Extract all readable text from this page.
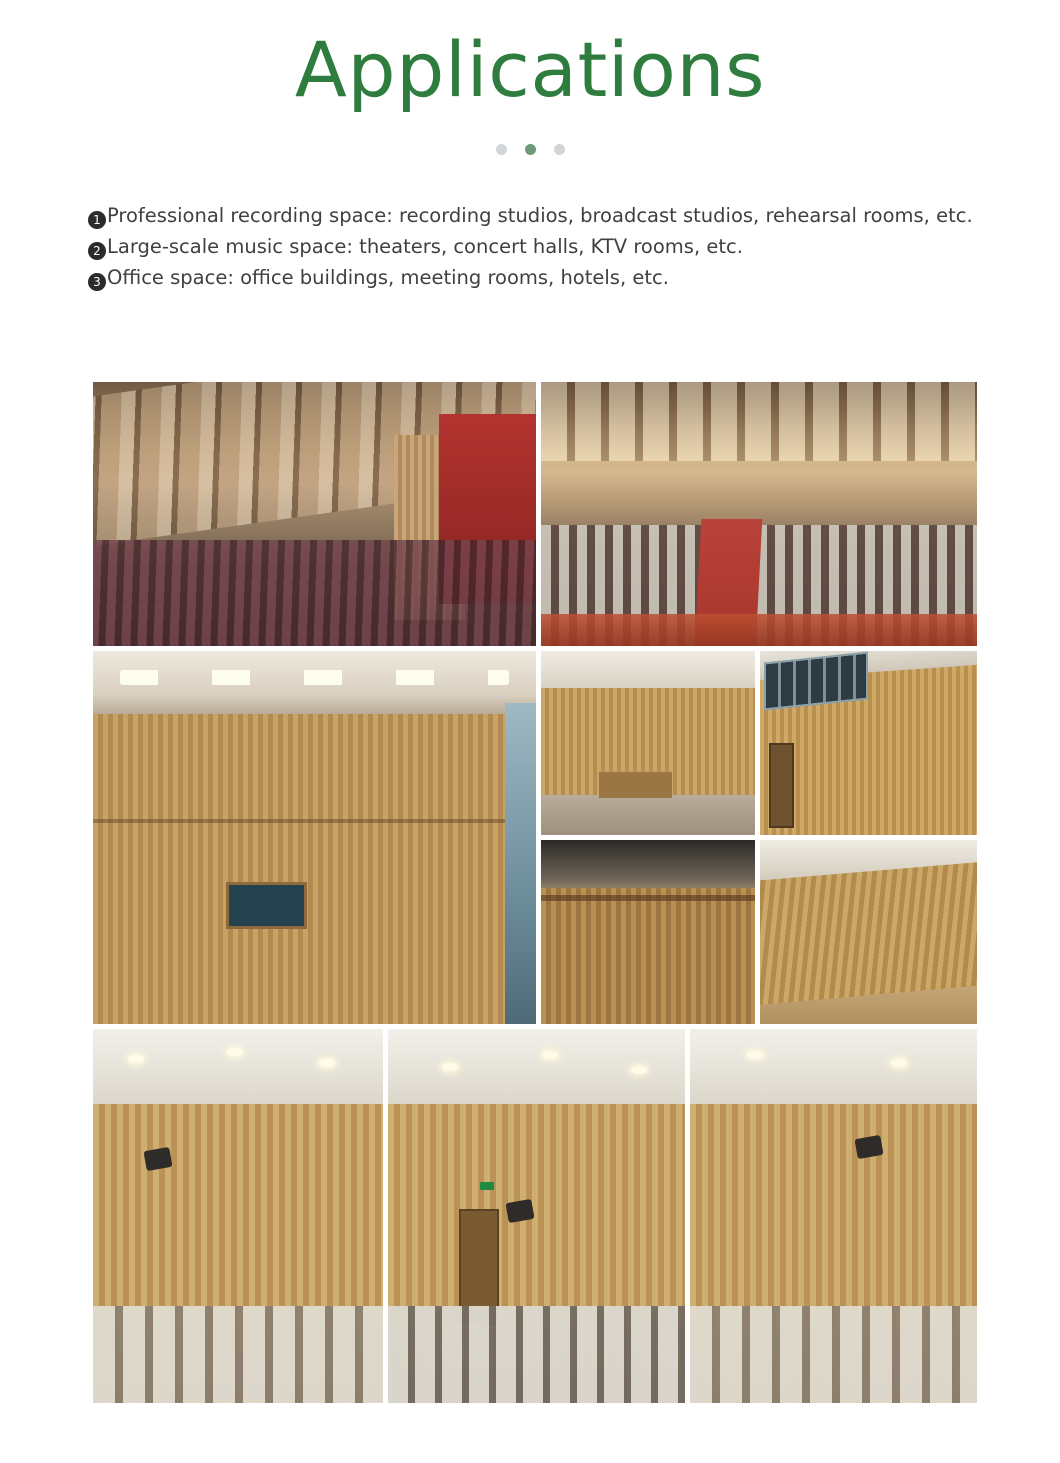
Applications
1 Professional recording space: recording studios, broadcast studios, rehearsal rooms, etc.
2 Large-scale music space: theaters, concert halls, KTV rooms, etc.
3 Office space: office buildings, meeting rooms, hotels, etc.
